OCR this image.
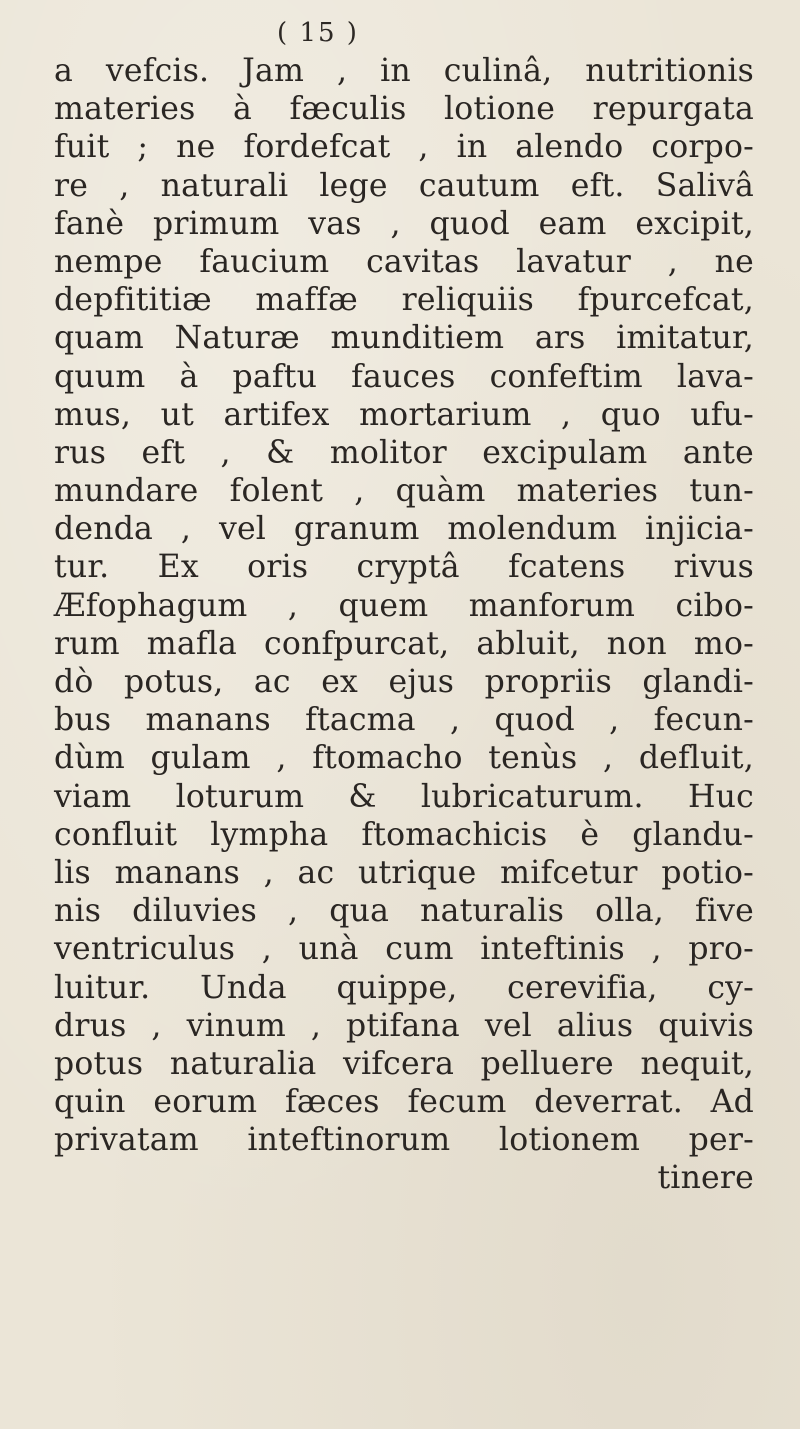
( 15 )
a vefcis. Jam , in culinâ, nutritionis
materies à fæculis lotione repurgata
fuit ; ne fordefcat , in alendo corpo-
re , naturali lege cautum eft. Salivâ
fanè primum vas , quod eam excipit,
nempe faucium cavitas lavatur , ne
depfititiæ maffæ reliquiis fpurcefcat,
quam Naturæ munditiem ars imitatur,
quum à paftu fauces confeftim lava-
mus, ut artifex mortarium , quo ufu-
rus eft , & molitor excipulam ante
mundare folent , quàm materies tun-
denda , vel granum molendum injicia-
tur. Ex oris cryptâ fcatens rivus
Æfophagum , quem manforum cibo-
rum mafla confpurcat, abluit, non mo-
dò potus, ac ex ejus propriis glandi-
bus manans ftacma , quod , fecun-
dùm gulam , ftomacho tenùs , defluit,
viam loturum & lubricaturum. Huc
confluit lympha ftomachicis è glandu-
lis manans , ac utrique mifcetur potio-
nis diluvies , qua naturalis olla, five
ventriculus , unà cum inteftinis , pro-
luitur. Unda quippe, cerevifia, cy-
drus , vinum , ptifana vel alius quivis
potus naturalia vifcera pelluere nequit,
quin eorum fæces fecum deverrat. Ad
privatam inteftinorum lotionem per-
tinere
